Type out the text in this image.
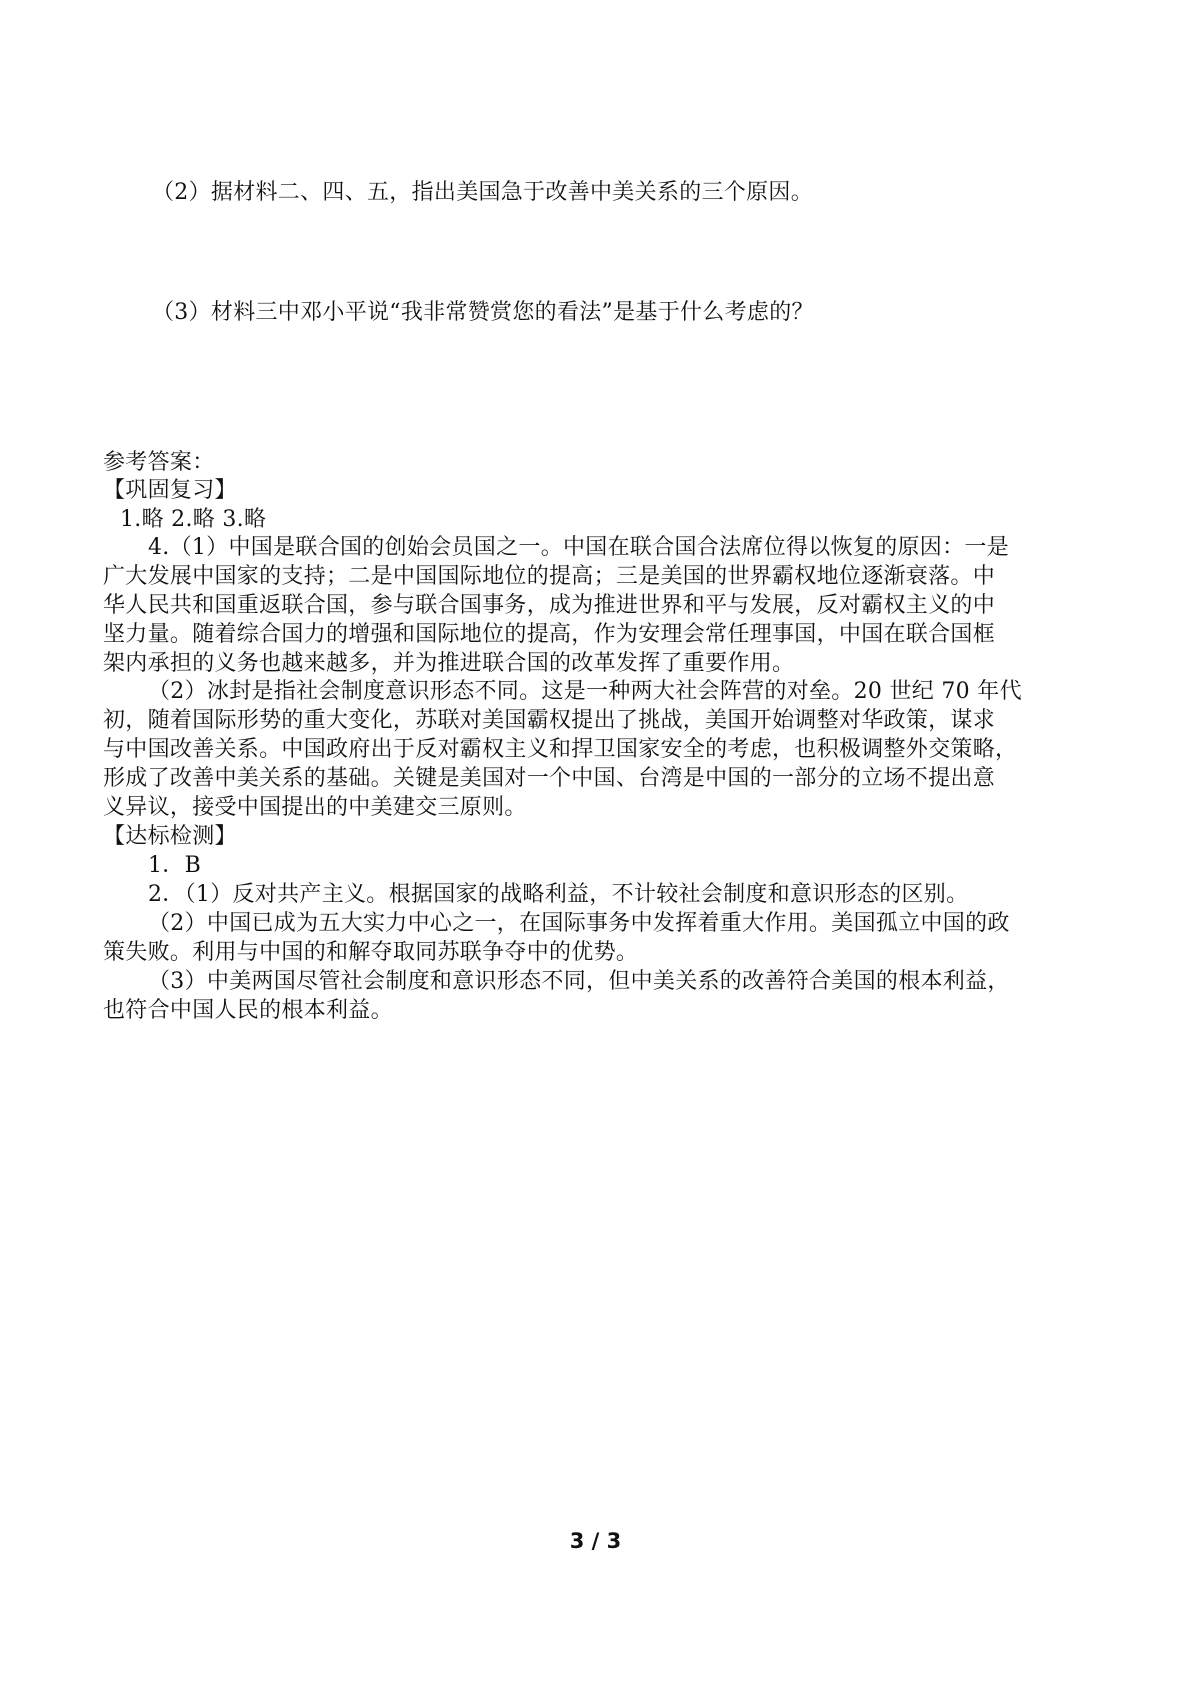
（2）据材料二、四、五，指出美国急于改善中美关系的三个原因。
（3）材料三中邓小平说“我非常赞赏您的看法”是基于什么考虑的？
参考答案：
【巩固复习】
1.略 2.略 3.略
4.（1）中国是联合国的创始会员国之一。中国在联合国合法席位得以恢复的原因：一是
广大发展中国家的支持；二是中国国际地位的提高；三是美国的世界霸权地位逐渐衰落。中
华人民共和国重返联合国，参与联合国事务，成为推进世界和平与发展，反对霸权主义的中
坚力量。随着综合国力的增强和国际地位的提高，作为安理会常任理事国，中国在联合国框
架内承担的义务也越来越多，并为推进联合国的改革发挥了重要作用。
（2）冰封是指社会制度意识形态不同。这是一种两大社会阵营的对垒。20 世纪 70 年代
初，随着国际形势的重大变化，苏联对美国霸权提出了挑战，美国开始调整对华政策，谋求
与中国改善关系。中国政府出于反对霸权主义和捍卫国家安全的考虑，也积极调整外交策略，
形成了改善中美关系的基础。关键是美国对一个中国、台湾是中国的一部分的立场不提出意
义异议，接受中国提出的中美建交三原则。
【达标检测】
1．B
2．（1）反对共产主义。根据国家的战略利益，不计较社会制度和意识形态的区别。
（2）中国已成为五大实力中心之一，在国际事务中发挥着重大作用。美国孤立中国的政
策失败。利用与中国的和解夺取同苏联争夺中的优势。
（3）中美两国尽管社会制度和意识形态不同，但中美关系的改善符合美国的根本利益，
也符合中国人民的根本利益。
3 / 3
